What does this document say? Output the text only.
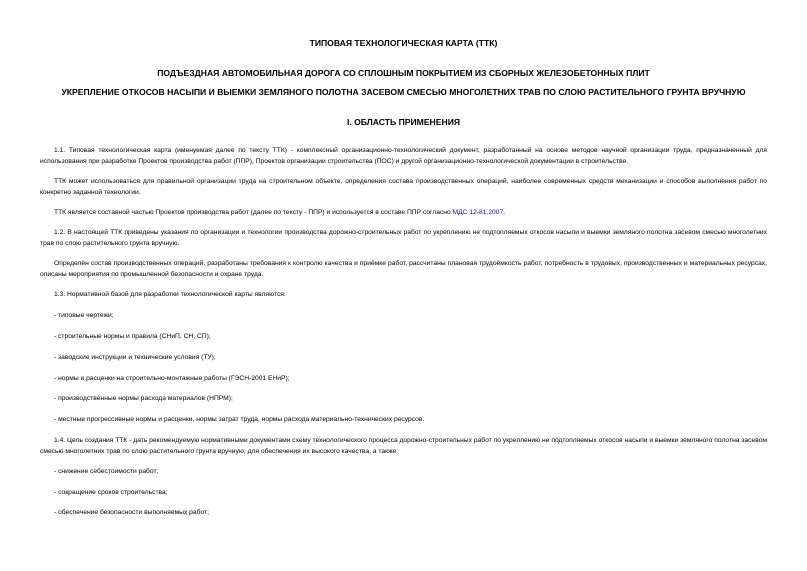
ТИПОВАЯ ТЕХНОЛОГИЧЕСКАЯ КАРТА (ТТК)
ПОДЪЕЗДНАЯ АВТОМОБИЛЬНАЯ ДОРОГА СО СПЛОШНЫМ ПОКРЫТИЕМ ИЗ СБОРНЫХ ЖЕЛЕЗОБЕТОННЫХ ПЛИТ
УКРЕПЛЕНИЕ ОТКОСОВ НАСЫПИ И ВЫЕМКИ ЗЕМЛЯНОГО ПОЛОТНА ЗАСЕВОМ СМЕСЬЮ МНОГОЛЕТНИХ ТРАВ ПО СЛОЮ РАСТИТЕЛЬНОГО ГРУНТА ВРУЧНУЮ
I. ОБЛАСТЬ ПРИМЕНЕНИЯ

1.1. Типовая технологическая карта (именуемая далее по тексту ТТК) - комплексный организационно-технологический документ, разработанный на основе методов научной организации труда, предназначенный для использования при разработке Проектов производства работ (ППР), Проектов организации строительства (ПОС) и другой организационно-технологической документации в строительстве.

ТТК может использоваться для правильной организации труда на строительном объекте, определения состава производственных операций, наиболее современных средств механизации и способов выполнения работ по конкретно заданной технологии.

ТТК является составной частью Проектов производства работ (далее по тексту - ППР) и используется в составе ППР согласно МДС 12-81.2007.

1.2. В настоящей ТТК приведены указания по организации и технологии производства дорожно-строительных работ по укреплению не подтопляемых откосов насыпи и выемки земляного полотна засевом смесью многолетних трав по слою растительного грунта вручную.

Определён состав производственных операций, разработаны требования к контролю качества и приёмке работ, рассчитаны плановая трудоёмкость работ, потребность в трудовых, производственных и материальных ресурсах, описаны мероприятия по промышленной безопасности и охране труда.

1.3. Нормативной базой для разработки технологической карты являются:

- типовые чертежи;

- строительные нормы и правила (СНиП, СН, СП);

- заводские инструкции и технические условия (ТУ);

- нормы и расценки на строительно-монтажные работы (ГЭСН-2001 ЕНиР);

- производственные нормы расхода материалов (НПРМ);

- местные прогрессивные нормы и расценки, нормы затрат труда, нормы расхода материально-технических ресурсов.

1.4. Цель создания ТТК - дать рекомендуемую нормативными документами схему технологического процесса дорожно-строительных работ по укреплению не подтопляемых откосов насыпи и выемки земляного полотна засевом смесью многолетних трав по слою растительного грунта вручную, для обеспечения их высокого качества, а также:

- снижение себестоимости работ;

- сокращение сроков строительства;

- обеспечение безопасности выполняемых работ;
